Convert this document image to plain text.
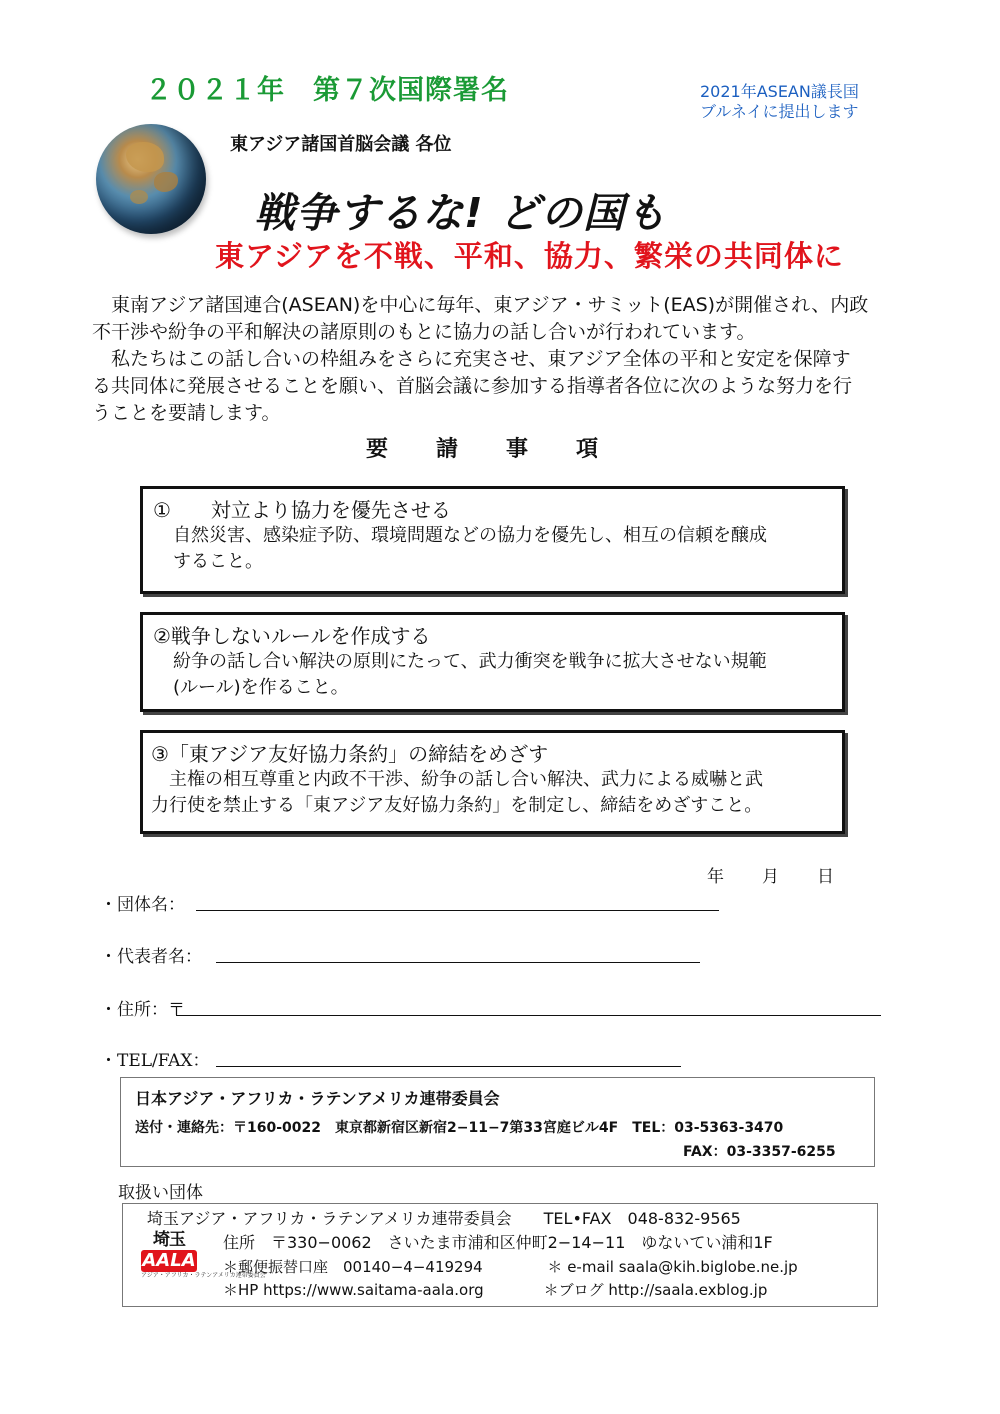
２０２１年　第７次国際署名	2021年ASEAN議長国
ブルネイに提出します
東アジア諸国首脳会議 各位
戦争するな! どの国も
東アジアを不戦、平和、協力、繁栄の共同体に

　東南アジア諸国連合(ASEAN)を中心に毎年、東アジア・サミット(EAS)が開催され、内政

不干渉や紛争の平和解決の諸原則のもとに協力の話し合いが行われています。

　私たちはこの話し合いの枠組みをさらに充実させ、東アジア全体の平和と安定を保障す

る共同体に発展させることを願い、首脳会議に参加する指導者各位に次のような努力を行

うことを要請します。

要 請 事 項
①　　対立より協力を優先させる
自然災害、感染症予防、環境問題などの協力を優先し、相互の信頼を醸成
すること。
②戦争しないルールを作成する
紛争の話し合い解決の原則にたって、武力衝突を戦争に拡大させない規範
(ルール)を作ること。
③「東アジア友好協力条約」の締結をめざす
　主権の相互尊重と内政不干渉、紛争の話し合い解決、武力による威嚇と武
力行使を禁止する「東アジア友好協力条約」を制定し、締結をめざすこと。
年 月 日
・団体名：
・代表者名：
・住所：〒
・TEL/FAX：
日本アジア・アフリカ・ラテンアメリカ連帯委員会
送付・連絡先：〒160-0022　東京都新宿区新宿2−11−7第33宮庭ビル4F　TEL：03-5363-3470
FAX：03-3357-6255
取扱い団体
埼玉
AALA
アジア・アフリカ・ラテンアメリカ連帯委員会
埼玉アジア・アフリカ・ラテンアメリカ連帯委員会　　TEL•FAX　048-832-9565
住所　〒330−0062　さいたま市浦和区仲町2−14−11　ゆないてい浦和1F
＊郵便振替口座　00140−4−419294　　　　 ＊ e-mail saala@kih.biglobe.ne.jp
＊HP https://www.saitama-aala.org　　　　＊ブログ http://saala.exblog.jp
